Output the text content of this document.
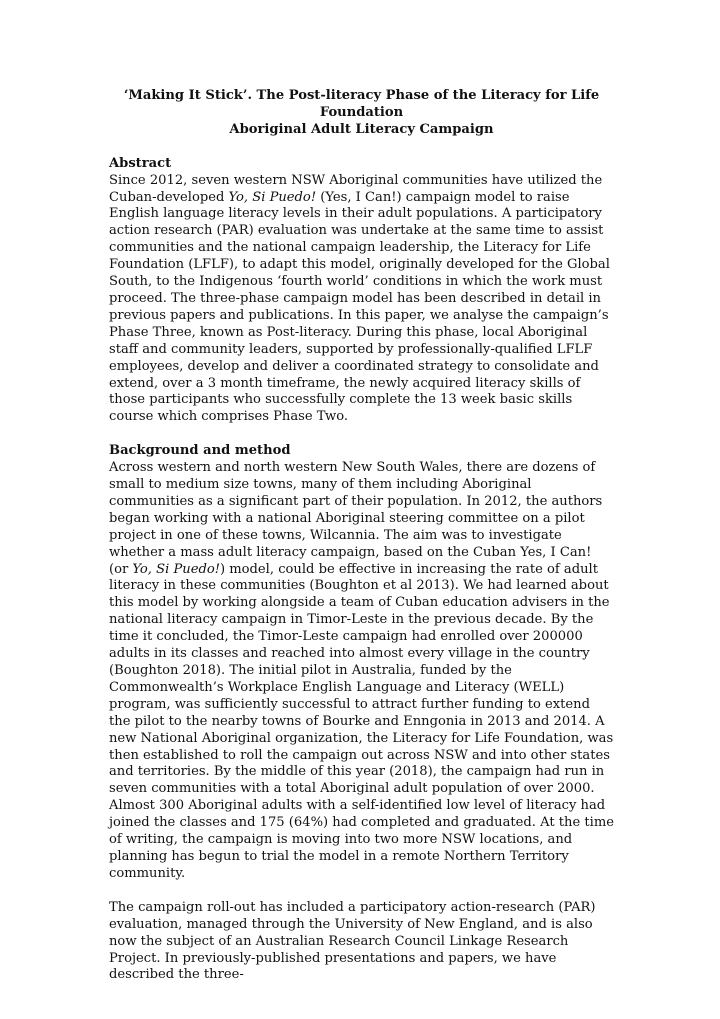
‘Making It Stick’. The Post-literacy Phase of the Literacy for Life Foundation
Aboriginal Adult Literacy Campaign
Abstract

Since 2012, seven western NSW Aboriginal communities have utilized the Cuban-developed Yo, Si Puedo! (Yes, I Can!) campaign model to raise English language literacy levels in their adult populations. A participatory action research (PAR) evaluation was undertake at the same time to assist communities and the national campaign leadership, the Literacy for Life Foundation (LFLF), to adapt this model, originally developed for the Global South, to the Indigenous ‘fourth world’ conditions in which the work must proceed. The three-phase campaign model has been described in detail in previous papers and publications. In this paper, we analyse the campaign’s Phase Three, known as Post-literacy. During this phase, local Aboriginal staff and community leaders, supported by professionally-qualified LFLF employees, develop and deliver a coordinated strategy to consolidate and extend, over a 3 month timeframe, the newly acquired literacy skills of those participants who successfully complete the 13 week basic skills course which comprises Phase Two.

Background and method

Across western and north western New South Wales, there are dozens of small to medium size towns, many of them including Aboriginal communities as a significant part of their population. In 2012, the authors began working with a national Aboriginal steering committee on a pilot project in one of these towns, Wilcannia. The aim was to investigate whether a mass adult literacy campaign, based on the Cuban Yes, I Can! (or Yo, Si Puedo!) model, could be effective in increasing the rate of adult literacy in these communities (Boughton et al 2013). We had learned about this model by working alongside a team of Cuban education advisers in the national literacy campaign in Timor-Leste in the previous decade. By the time it concluded, the Timor-Leste campaign had enrolled over 200000 adults in its classes and reached into almost every village in the country (Boughton 2018). The initial pilot in Australia, funded by the Commonwealth’s Workplace English Language and Literacy (WELL) program, was sufficiently successful to attract further funding to extend the pilot to the nearby towns of Bourke and Enngonia in 2013 and 2014. A new National Aboriginal organization, the Literacy for Life Foundation, was then established to roll the campaign out across NSW and into other states and territories. By the middle of this year (2018), the campaign had run in seven communities with a total Aboriginal adult population of over 2000. Almost 300 Aboriginal adults with a self-identified low level of literacy had joined the classes and 175 (64%) had completed and graduated. At the time of writing, the campaign is moving into two more NSW locations, and planning has begun to trial the model in a remote Northern Territory community.

The campaign roll-out has included a participatory action-research (PAR) evaluation, managed through the University of New England, and is also now the subject of an Australian Research Council Linkage Research Project. In previously-published presentations and papers, we have described the three-
